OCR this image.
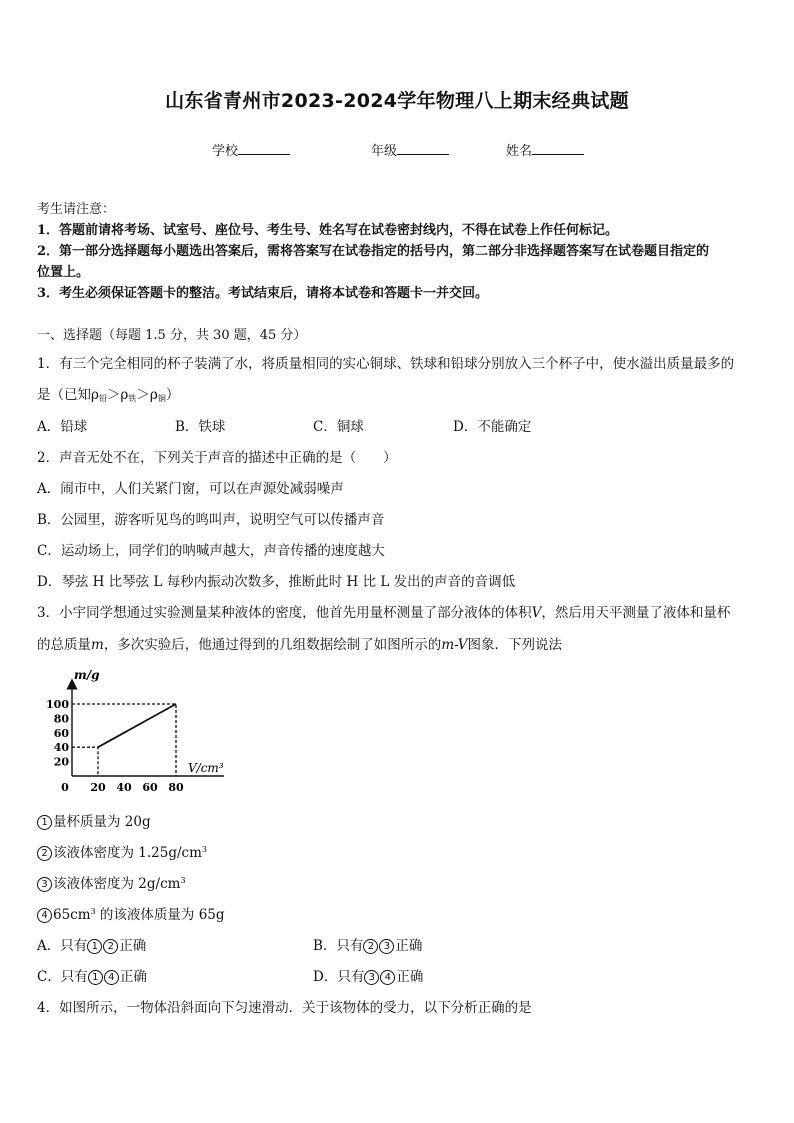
山东省青州市2023-2024学年物理八上期末经典试题
学校	年级	姓名
考生请注意：
1．答题前请将考场、试室号、座位号、考生号、姓名写在试卷密封线内，不得在试卷上作任何标记。
2．第一部分选择题每小题选出答案后，需将答案写在试卷指定的括号内，第二部分非选择题答案写在试卷题目指定的
位置上。
3．考生必须保证答题卡的整洁。考试结束后，请将本试卷和答题卡一并交回。
一、选择题（每题 1.5 分，共 30 题，45 分）
1．有三个完全相同的杯子装满了水，将质量相同的实心铜球、铁球和铅球分别放入三个杯子中，使水溢出质量最多的
是（已知$\rho_铅>\rho_铁>\rho_铜$）
A．铅球	B．铁球	C．铜球	D．不能确定
2．声音无处不在，下列关于声音的描述中正确的是（　　）
A．闹市中，人们关紧门窗，可以在声源处减弱噪声
B．公园里，游客听见鸟的鸣叫声，说明空气可以传播声音
C．运动场上，同学们的呐喊声越大，声音传播的速度越大
D．琴弦 H 比琴弦 L 每秒内振动次数多，推断此时 H 比 L 发出的声音的音调低
3．小宇同学想通过实验测量某种液体的密度，他首先用量杯测量了部分液体的体积V，然后用天平测量了液体和量杯
的总质量m，多次实验后，他通过得到的几组数据绘制了如图所示的m-V图象．下列说法
m/g
V/cm³
0 20 40 60 80
20
40
60
80
100
1 量杯质量为 20g
2 该液体密度为 $1.25g/cm^3$
3 该液体密度为 $2g/cm^3$
4 $65cm^3$ 的该液体质量为 65g
A．只有 1 2 正确	B．只有 2 3 正确
C．只有 1 4 正确	D．只有 3 4 正确
4．如图所示，一物体沿斜面向下匀速滑动．关于该物体的受力，以下分析正确的是
